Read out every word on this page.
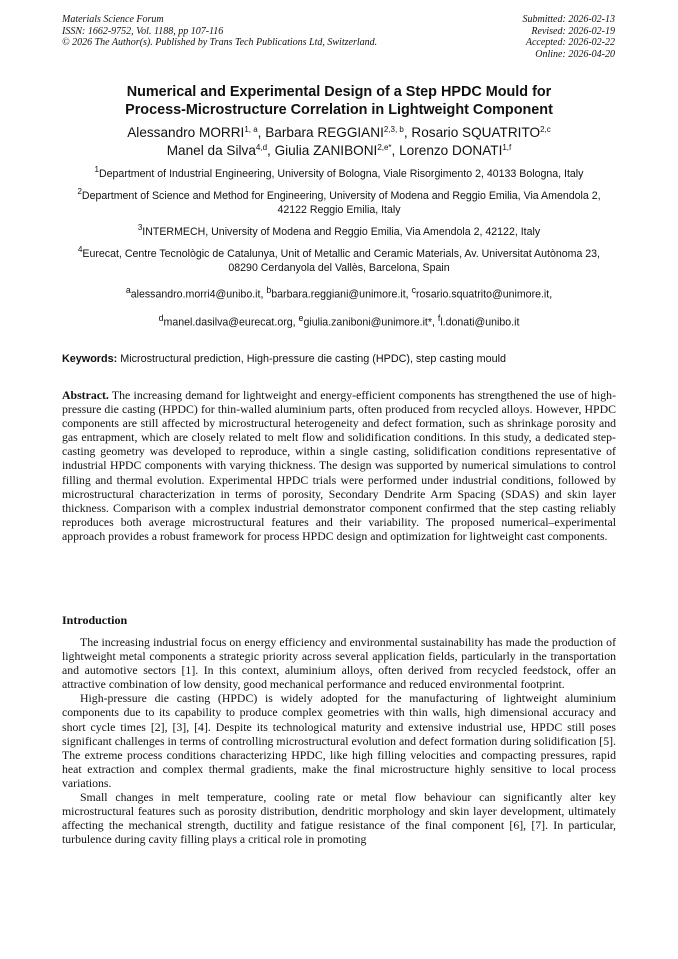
Materials Science Forum
ISSN: 1662-9752, Vol. 1188, pp 107-116
© 2026 The Author(s). Published by Trans Tech Publications Ltd, Switzerland.
Submitted: 2026-02-13
Revised: 2026-02-19
Accepted: 2026-02-22
Online: 2026-04-20
Numerical and Experimental Design of a Step HPDC Mould for
Process-Microstructure Correlation in Lightweight Component
Alessandro MORRI$^{1, a}$, Barbara REGGIANI$^{2,3, b}$, Rosario SQUATRITO$^{2,c}$
Manel da Silva$^{4,d}$, Giulia $ZANIBONI^{2,e*}$, Lorenzo DONATI$^{1,f}$
$^1$Department of Industrial Engineering, University of Bologna, Viale Risorgimento 2, 40133 Bologna, Italy
$^2$Department of Science and Method for Engineering, University of Modena and Reggio Emilia, Via Amendola 2, 42122 Reggio Emilia, Italy
$^3$INTERMECH, University of Modena and Reggio Emilia, Via Amendola 2, 42122, Italy
$^4$Eurecat, Centre Tecnològic de Catalunya, Unit of Metallic and Ceramic Materials, Av. Universitat Autònoma 23, 08290 Cerdanyola del Vallès, Barcelona, Spain
$^a$alessandro.morri4@unibo.it, $^b$barbara.reggiani@unimore.it, $^c$rosario.squatrito@unimore.it,
$^d$manel.dasilva@eurecat.org, $^e$giulia.zaniboni@unimore.it*, $^f$l.donati@unibo.it
Keywords: Microstructural prediction, High-pressure die casting (HPDC), step casting mould
Abstract. The increasing demand for lightweight and energy-efficient components has strengthened the use of high-pressure die casting (HPDC) for thin-walled aluminium parts, often produced from recycled alloys. However, HPDC components are still affected by microstructural heterogeneity and defect formation, such as shrinkage porosity and gas entrapment, which are closely related to melt flow and solidification conditions. In this study, a dedicated step-casting geometry was developed to reproduce, within a single casting, solidification conditions representative of industrial HPDC components with varying thickness. The design was supported by numerical simulations to control filling and thermal evolution. Experimental HPDC trials were performed under industrial conditions, followed by microstructural characterization in terms of porosity, Secondary Dendrite Arm Spacing (SDAS) and skin layer thickness. Comparison with a complex industrial demonstrator component confirmed that the step casting reliably reproduces both average microstructural features and their variability. The proposed numerical–experimental approach provides a robust framework for process HPDC design and optimization for lightweight cast components.
Introduction

The increasing industrial focus on energy efficiency and environmental sustainability has made the production of lightweight metal components a strategic priority across several application fields, particularly in the transportation and automotive sectors [1]. In this context, aluminium alloys, often derived from recycled feedstock, offer an attractive combination of low density, good mechanical performance and reduced environmental footprint.

High-pressure die casting (HPDC) is widely adopted for the manufacturing of lightweight aluminium components due to its capability to produce complex geometries with thin walls, high dimensional accuracy and short cycle times [2], [3], [4]. Despite its technological maturity and extensive industrial use, HPDC still poses significant challenges in terms of controlling microstructural evolution and defect formation during solidification [5]. The extreme process conditions characterizing HPDC, like high filling velocities and compacting pressures, rapid heat extraction and complex thermal gradients, make the final microstructure highly sensitive to local process variations.

Small changes in melt temperature, cooling rate or metal flow behaviour can significantly alter key microstructural features such as porosity distribution, dendritic morphology and skin layer development, ultimately affecting the mechanical strength, ductility and fatigue resistance of the final component [6], [7]. In particular, turbulence during cavity filling plays a critical role in promoting
